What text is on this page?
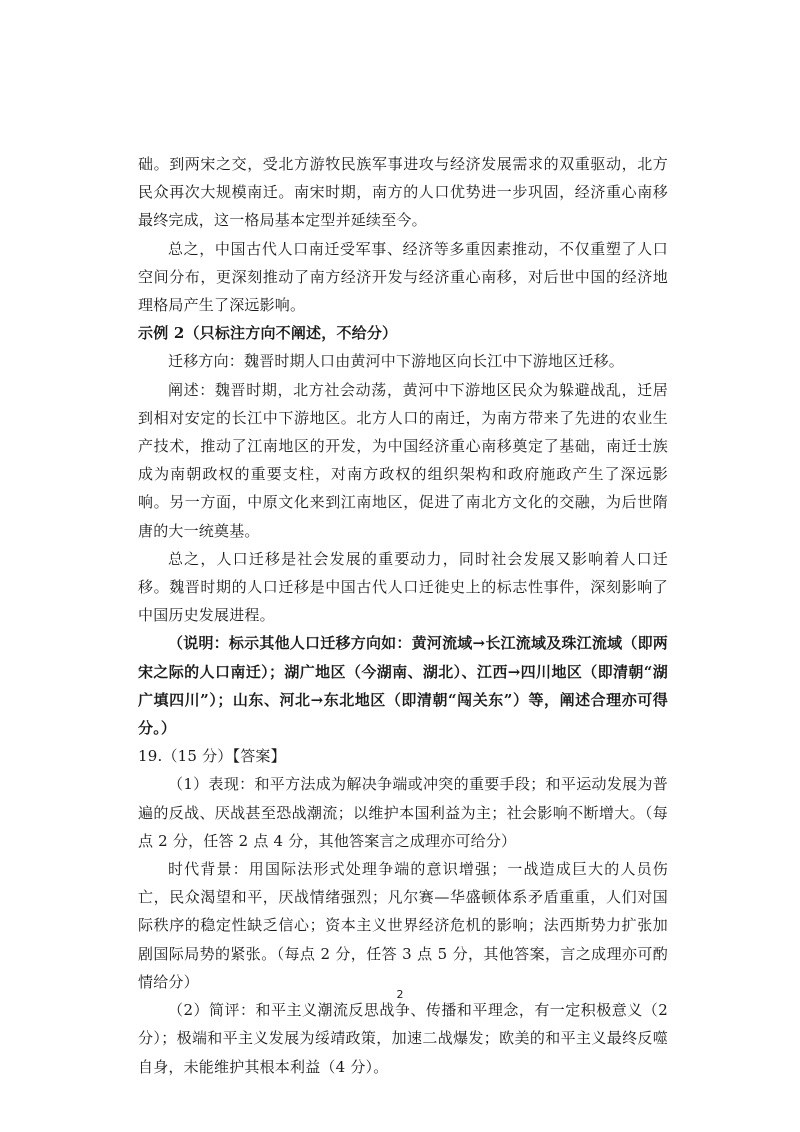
础。到两宋之交，受北方游牧民族军事进攻与经济发展需求的双重驱动，北方民众再次大规模南迁。南宋时期，南方的人口优势进一步巩固，经济重心南移最终完成，这一格局基本定型并延续至今。

总之，中国古代人口南迁受军事、经济等多重因素推动，不仅重塑了人口空间分布，更深刻推动了南方经济开发与经济重心南移，对后世中国的经济地理格局产生了深远影响。

示例 2（只标注方向不阐述，不给分）

迁移方向：魏晋时期人口由黄河中下游地区向长江中下游地区迁移。

阐述：魏晋时期，北方社会动荡，黄河中下游地区民众为躲避战乱，迁居到相对安定的长江中下游地区。北方人口的南迁，为南方带来了先进的农业生产技术，推动了江南地区的开发，为中国经济重心南移奠定了基础，南迁士族成为南朝政权的重要支柱，对南方政权的组织架构和政府施政产生了深远影响。另一方面，中原文化来到江南地区，促进了南北方文化的交融，为后世隋唐的大一统奠基。

总之，人口迁移是社会发展的重要动力，同时社会发展又影响着人口迁移。魏晋时期的人口迁移是中国古代人口迁徙史上的标志性事件，深刻影响了中国历史发展进程。

（说明：标示其他人口迁移方向如：黄河流域→长江流域及珠江流域（即两宋之际的人口南迁）；湖广地区（今湖南、湖北）、江西→四川地区（即清朝“湖广填四川”）；山东、河北→东北地区（即清朝“闯关东”）等，阐述合理亦可得分。）

19.（15 分）【答案】

（1）表现：和平方法成为解决争端或冲突的重要手段；和平运动发展为普遍的反战、厌战甚至恐战潮流；以维护本国利益为主；社会影响不断增大。（每点 2 分，任答 2 点 4 分，其他答案言之成理亦可给分）

时代背景：用国际法形式处理争端的意识增强；一战造成巨大的人员伤亡，民众渴望和平，厌战情绪强烈；凡尔赛—华盛顿体系矛盾重重，人们对国际秩序的稳定性缺乏信心；资本主义世界经济危机的影响；法西斯势力扩张加剧国际局势的紧张。（每点 2 分，任答 3 点 5 分，其他答案，言之成理亦可酌情给分）

（2）简评：和平主义潮流反思战争、传播和平理念，有一定积极意义（2 分）；极端和平主义发展为绥靖政策，加速二战爆发；欧美的和平主义最终反噬自身，未能维护其根本利益（4 分）。

2
